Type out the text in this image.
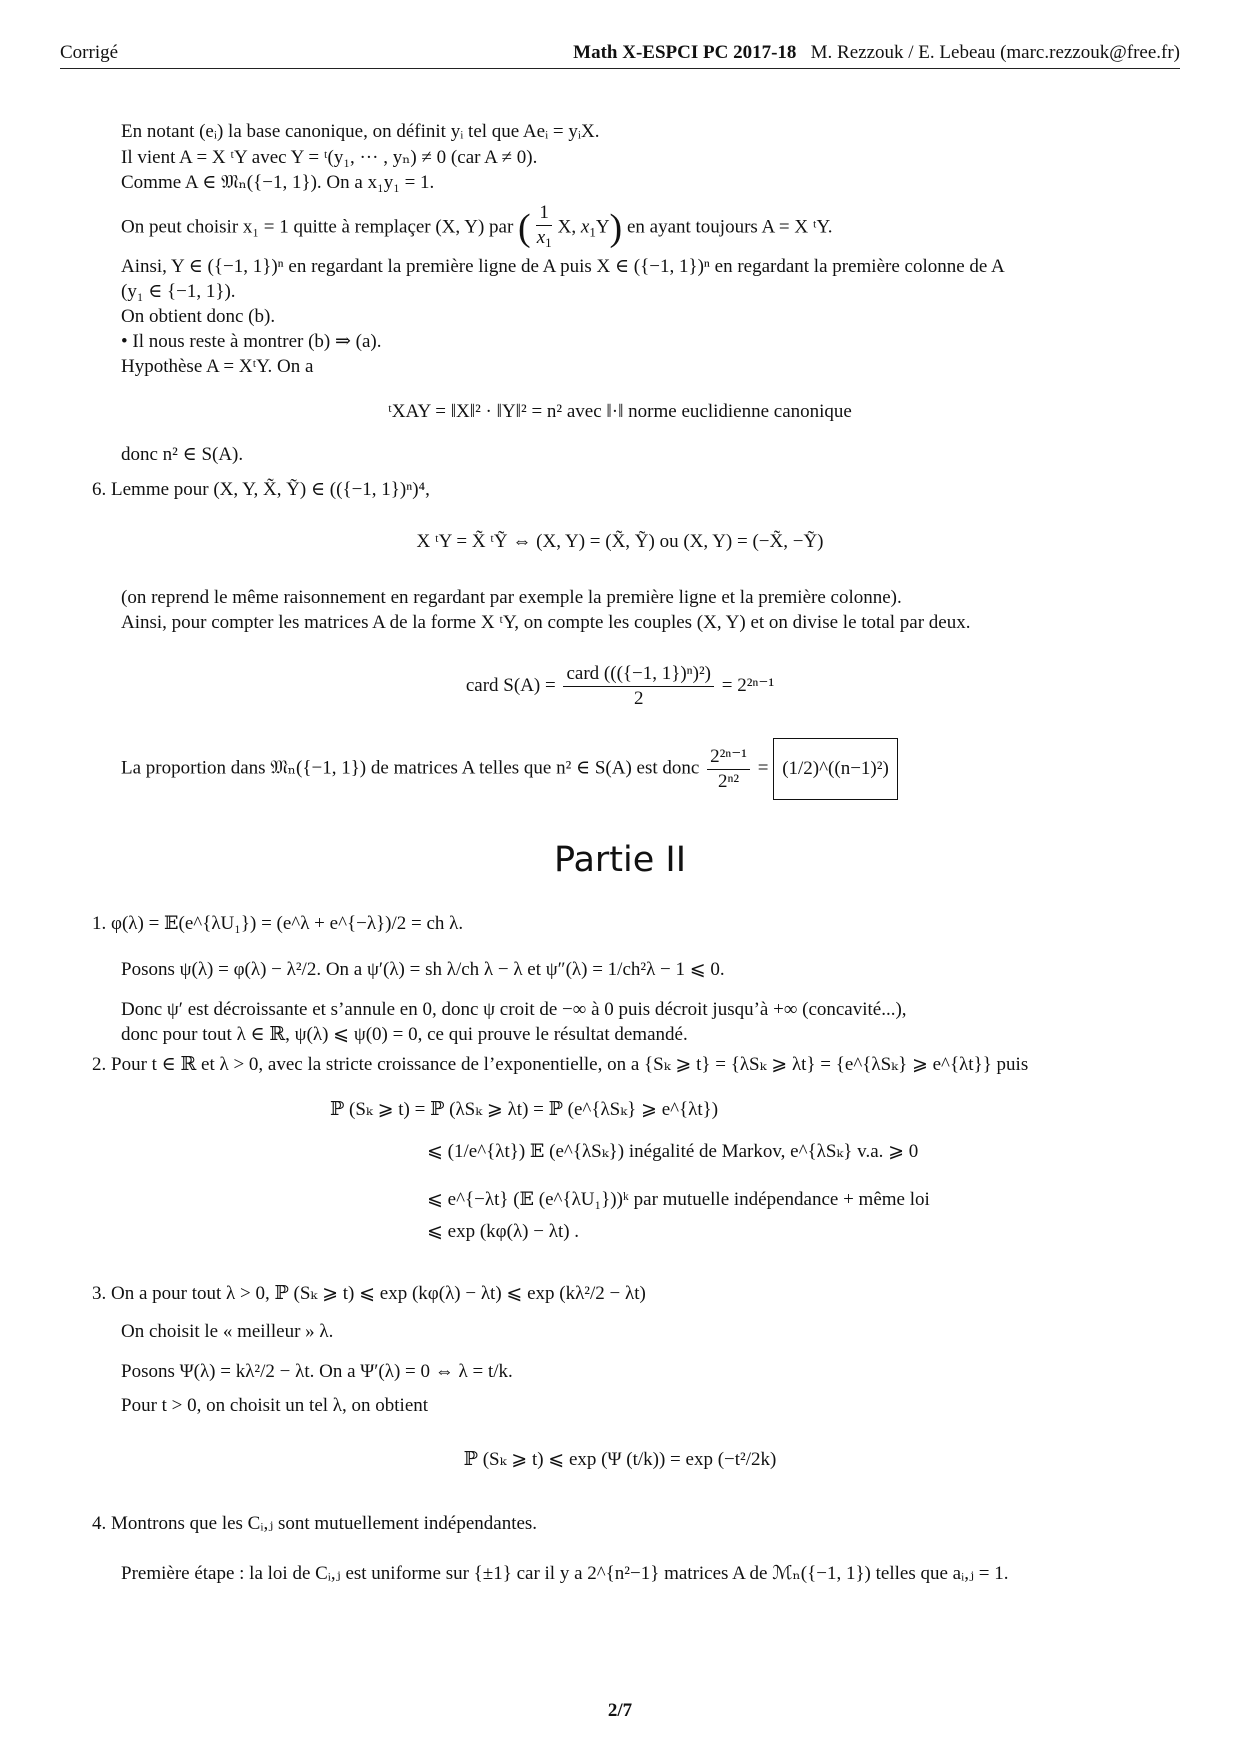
Corrigé	Math X-ESPCI PC 2017-18 M. Rezzouk / E. Lebeau (marc.rezzouk@free.fr)
En notant (eᵢ) la base canonique, on définit yᵢ tel que Aeᵢ = yᵢX.
Il vient A = X ᵗY avec Y = ᵗ(y₁, ··· , yₙ) ≠ 0 (car A ≠ 0).
Comme A ∈ 𝔐ₙ({−1, 1}). On a x₁y₁ = 1.
On peut choisir x₁ = 1 quitte à remplaçer (X, Y) par ( $\frac{1}{x_1} X$, $x_1Y$) en ayant toujours A = X ᵗY.
Ainsi, Y ∈ ({−1, 1})ⁿ en regardant la première ligne de A puis X ∈ ({−1, 1})ⁿ en regardant la première colonne de A
(y₁ ∈ {−1, 1}).
On obtient donc (b).
• Il nous reste à montrer (b) ⇒ (a).
Hypothèse A = XᵗY. On a
ᵗXAY = ‖X‖² · ‖Y‖² = n² avec ‖·‖ norme euclidienne canonique
donc n² ∈ S(A).
6. Lemme pour (X, Y, X̃, Ỹ) ∈ (({−1, 1})ⁿ)⁴,
X ᵗY = X̃ ᵗỸ ⇔ (X, Y) = (X̃, Ỹ) ou (X, Y) = (−X̃, −Ỹ)
(on reprend le même raisonnement en regardant par exemple la première ligne et la première colonne).
Ainsi, pour compter les matrices A de la forme X ᵗY, on compte les couples (X, Y) et on divise le total par deux.
card $S(A) = \frac{\text{card (((\{−1, 1\})ⁿ)²)}}{2} = 2^{2n-1}$
La proportion dans 𝔐ₙ({−1, 1}) de matrices A telles que n² ∈ S(A) est donc $\frac{\text{2²ⁿ⁻¹}}{\text{2ⁿ²}}$ = (1/2)^((n−1)²)
Partie II
1. φ(λ) = 𝔼(e^{λU₁}) = (e^λ + e^{−λ})/2 = ch λ.
Posons ψ(λ) = φ(λ) − λ²/2. On a ψ′(λ) = sh λ/ch λ − λ et ψ″(λ) = 1/ch²λ − 1 ⩽ 0.
Donc ψ′ est décroissante et s’annule en 0, donc ψ croit de −∞ à 0 puis décroit jusqu’à +∞ (concavité...),
donc pour tout λ ∈ ℝ, ψ(λ) ⩽ ψ(0) = 0, ce qui prouve le résultat demandé.
2. Pour t ∈ ℝ et λ > 0, avec la stricte croissance de l’exponentielle, on a {Sₖ ⩾ t} = {λSₖ ⩾ λt} = {e^{λSₖ} ⩾ e^{λt}} puis
ℙ (Sₖ ⩾ t) = ℙ (λSₖ ⩾ λt) = ℙ (e^{λSₖ} ⩾ e^{λt})
⩽ (1/e^{λt}) 𝔼 (e^{λSₖ}) inégalité de Markov, e^{λSₖ} v.a. ⩾ 0
⩽ e^{−λt} (𝔼 (e^{λU₁}))ᵏ par mutuelle indépendance + même loi
⩽ exp (kφ(λ) − λt) .
3. On a pour tout λ > 0, ℙ (Sₖ ⩾ t) ⩽ exp (kφ(λ) − λt) ⩽ exp (kλ²/2 − λt)
On choisit le « meilleur » λ.
Posons Ψ(λ) = kλ²/2 − λt. On a Ψ′(λ) = 0 ⇔ λ = t/k.
Pour t > 0, on choisit un tel λ, on obtient
ℙ (Sₖ ⩾ t) ⩽ exp (Ψ (t/k)) = exp (−t²/2k)
4. Montrons que les Cᵢ,ⱼ sont mutuellement indépendantes.
Première étape : la loi de Cᵢ,ⱼ est uniforme sur {±1} car il y a 2^{n²−1} matrices A de ℳₙ({−1, 1}) telles que aᵢ,ⱼ = 1.
2/7
